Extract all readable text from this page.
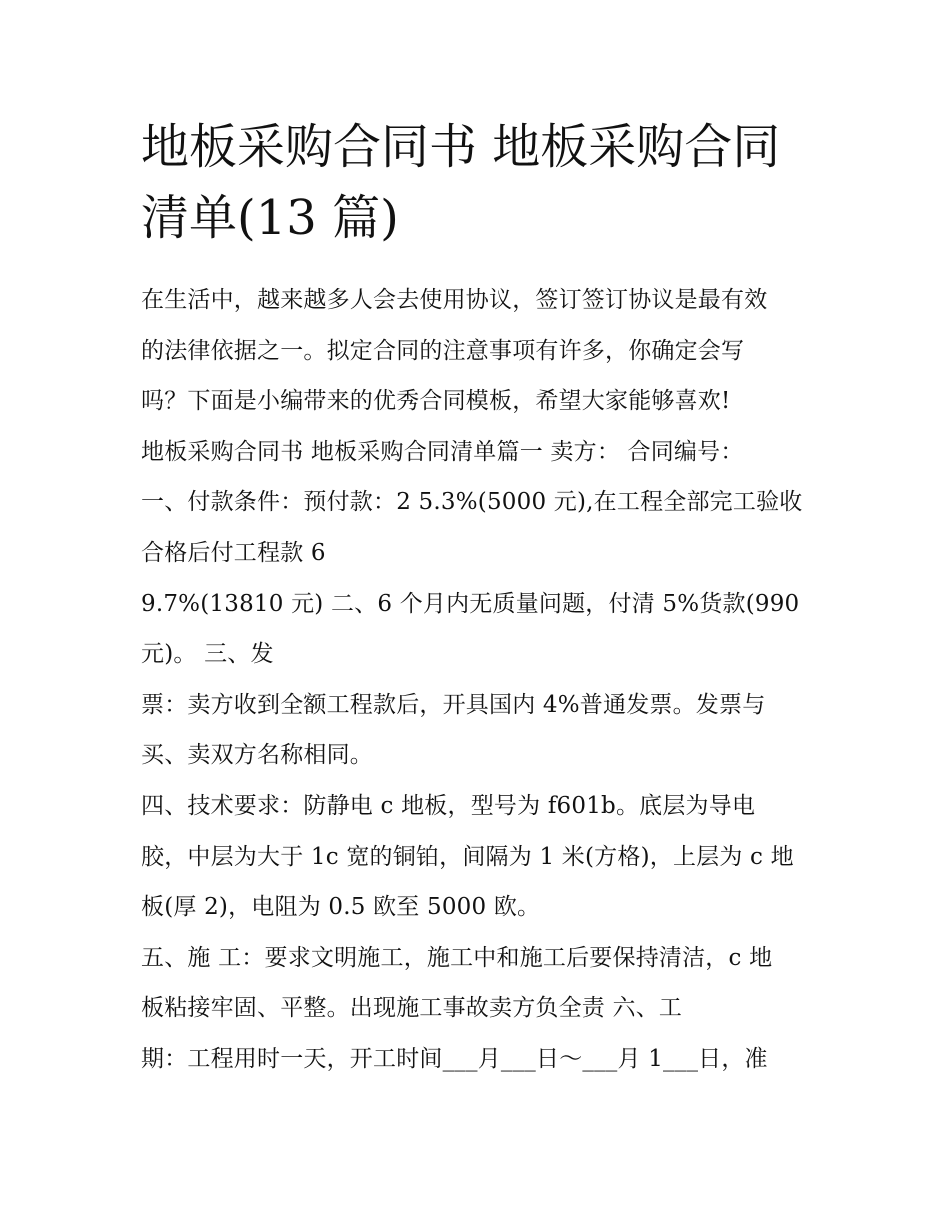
地板采购合同书 地板采购合同
清单(13 篇)
在生活中，越来越多人会去使用协议，签订签订协议是最有效
的法律依据之一。拟定合同的注意事项有许多，你确定会写
吗？下面是小编带来的优秀合同模板，希望大家能够喜欢!
地板采购合同书 地板采购合同清单篇一 卖方： 合同编号：
一、付款条件：预付款：2 5.3%(5000 元),在工程全部完工验收
合格后付工程款 6
9.7%(13810 元) 二、6 个月内无质量问题，付清 5%货款(990
元)。 三、发
票：卖方收到全额工程款后，开具国内 4%普通发票。发票与
买、卖双方名称相同。
四、技术要求：防静电 c 地板，型号为 f601b。底层为导电
胶，中层为大于 1c 宽的铜铂，间隔为 1 米(方格)，上层为 c 地
板(厚 2)，电阻为 0.5 欧至 5000 欧。
五、施 工：要求文明施工，施工中和施工后要保持清洁，c 地
板粘接牢固、平整。出现施工事故卖方负全责 六、工
期：工程用时一天，开工时间___月___日～___月 1___日，准
